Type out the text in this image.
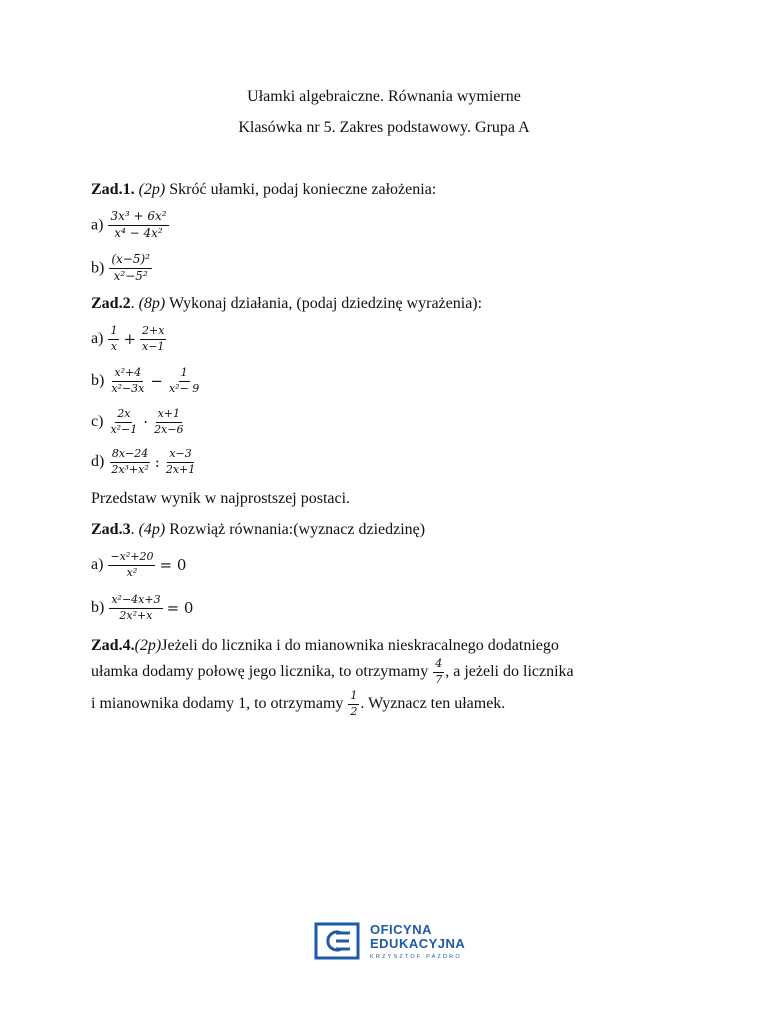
Ułamki algebraiczne. Równania wymierne
Klasówka nr 5. Zakres podstawowy. Grupa A
Zad.1. (2p) Skróć ułamki, podaj konieczne założenia:
$a) \frac{\text{3x³ + 6x²}}{\text{x⁴ − 4x²}}$
$b) \frac{\text{(x−5)²}}{\text{x²−5²}}$
Zad.2. (8p) Wykonaj działania, (podaj dziedzinę wyrażenia):
$a) \frac{1}{x} + \frac{2+x}{x-1}$
$b) \frac{\text{x²+4}}{\text{x²−3x}} - \frac{1}{\text{x²− 9}}$
$c) \frac{2x}{\text{x²−1}} \cdot \frac{x+1}{2x-6}$
$d) \frac{8x-24}{\text{2x³+x²}}$ : $\frac{x-3}{2x+1}$
Przedstaw wynik w najprostszej postaci.
Zad.3. (4p) Rozwiąż równania:(wyznacz dziedzinę)
$a) \frac{\text{−x²+20}}{\text{x²}} = 0$
$b) \frac{\text{x²−4x+3}}{\text{2x²+x}} = 0$
Zad.4.(2p)Jeżeli do licznika i do mianownika nieskracalnego dodatniego
ułamka dodamy połowę jego licznika, to otrzymamy $\frac{4}{7}$ , a jeżeli do licznika
i mianownika dodamy 1, to otrzymamy $\frac{1}{2}$ . Wyznacz ten ułamek.
OFICYNA
EDUKACYJNA
KRZYSZTOF PAZDRO
